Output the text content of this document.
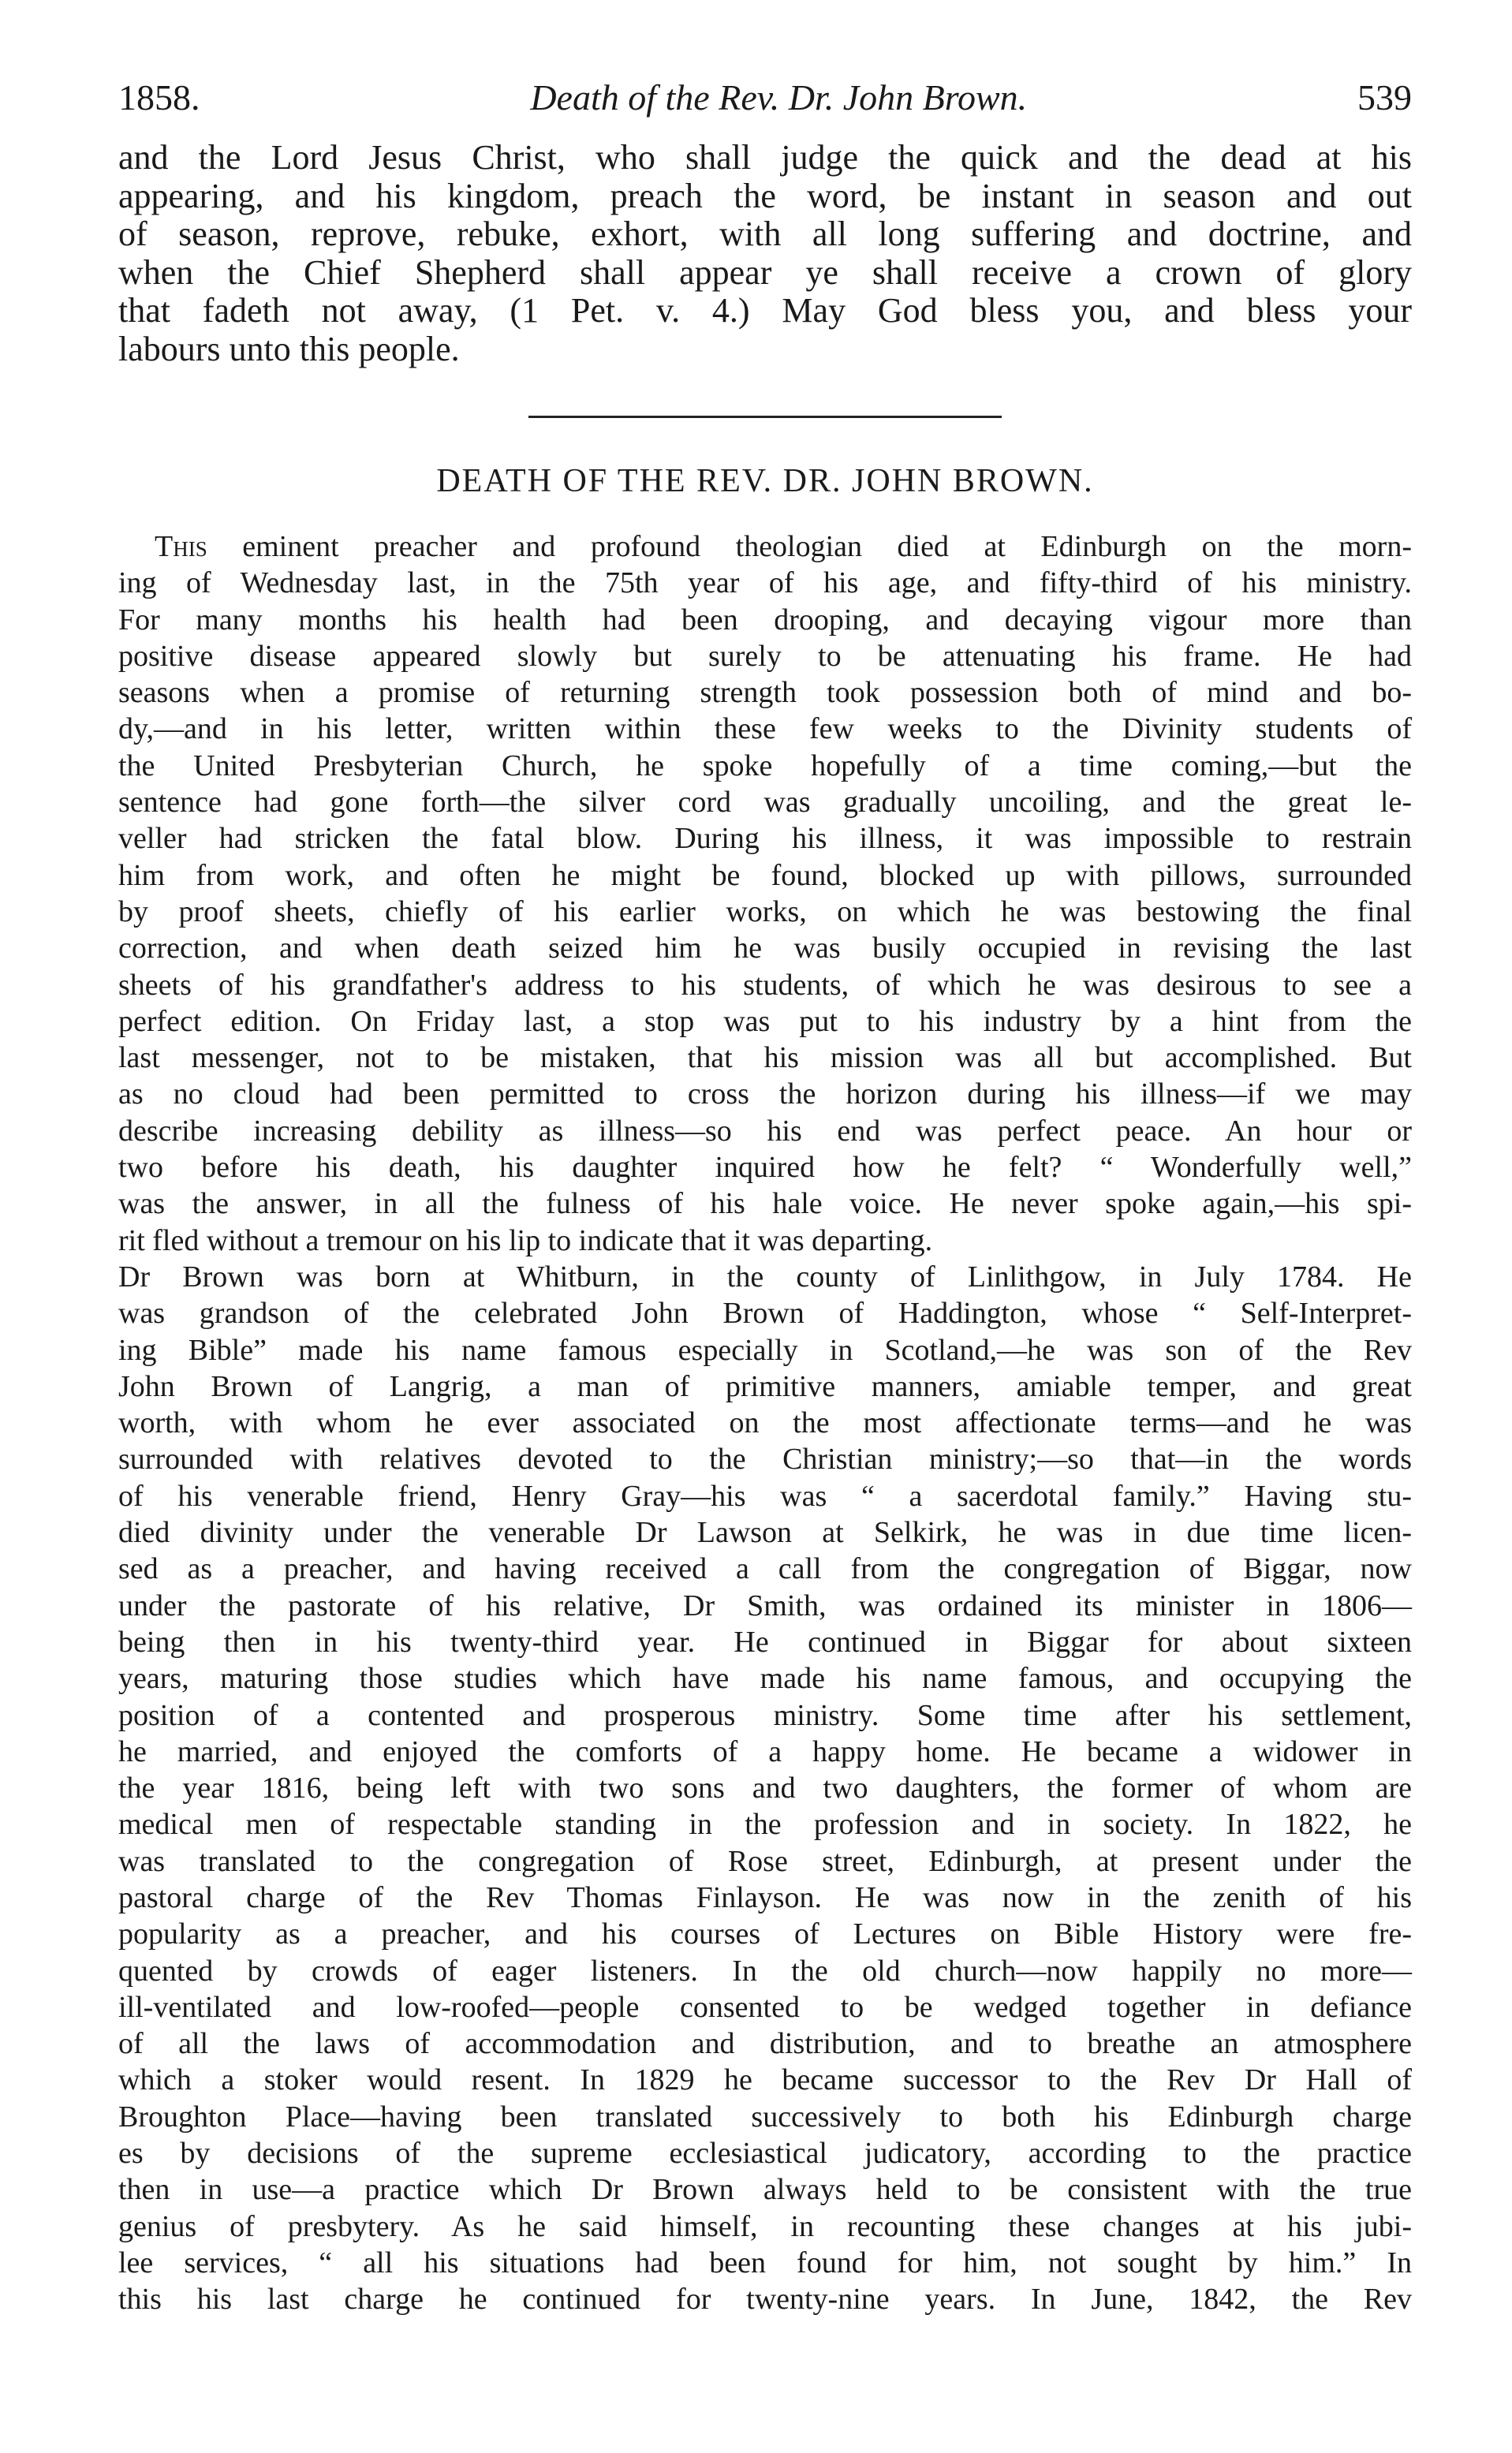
1858.	Death of the Rev. Dr. John Brown.	539
and the Lord Jesus Christ, who shall judge the quick and the dead at his
appearing, and his kingdom, preach the word, be instant in season and out
of season, reprove, rebuke, exhort, with all long suffering and doctrine, and
when the Chief Shepherd shall appear ye shall receive a crown of glory
that fadeth not away, (1 Pet. v. 4.) May God bless you, and bless your
labours unto this people.
DEATH OF THE REV. DR. JOHN BROWN.
This eminent preacher and profound theologian died at Edinburgh on the morn-
ing of Wednesday last, in the 75th year of his age, and fifty-third of his ministry.
For many months his health had been drooping, and decaying vigour more than
positive disease appeared slowly but surely to be attenuating his frame. He had
seasons when a promise of returning strength took possession both of mind and bo-
dy,—and in his letter, written within these few weeks to the Divinity students of
the United Presbyterian Church, he spoke hopefully of a time coming,—but the
sentence had gone forth—the silver cord was gradually uncoiling, and the great le-
veller had stricken the fatal blow. During his illness, it was impossible to restrain
him from work, and often he might be found, blocked up with pillows, surrounded
by proof sheets, chiefly of his earlier works, on which he was bestowing the final
correction, and when death seized him he was busily occupied in revising the last
sheets of his grandfather's address to his students, of which he was desirous to see a
perfect edition. On Friday last, a stop was put to his industry by a hint from the
last messenger, not to be mistaken, that his mission was all but accomplished. But
as no cloud had been permitted to cross the horizon during his illness—if we may
describe increasing debility as illness—so his end was perfect peace. An hour or
two before his death, his daughter inquired how he felt? “ Wonderfully well,”
was the answer, in all the fulness of his hale voice. He never spoke again,—his spi-
rit fled without a tremour on his lip to indicate that it was departing.
Dr Brown was born at Whitburn, in the county of Linlithgow, in July 1784. He
was grandson of the celebrated John Brown of Haddington, whose “ Self-Interpret-
ing Bible” made his name famous especially in Scotland,—he was son of the Rev
John Brown of Langrig, a man of primitive manners, amiable temper, and great
worth, with whom he ever associated on the most affectionate terms—and he was
surrounded with relatives devoted to the Christian ministry;—so that—in the words
of his venerable friend, Henry Gray—his was “ a sacerdotal family.” Having stu-
died divinity under the venerable Dr Lawson at Selkirk, he was in due time licen-
sed as a preacher, and having received a call from the congregation of Biggar, now
under the pastorate of his relative, Dr Smith, was ordained its minister in 1806—
being then in his twenty-third year. He continued in Biggar for about sixteen
years, maturing those studies which have made his name famous, and occupying the
position of a contented and prosperous ministry. Some time after his settlement,
he married, and enjoyed the comforts of a happy home. He became a widower in
the year 1816, being left with two sons and two daughters, the former of whom are
medical men of respectable standing in the profession and in society. In 1822, he
was translated to the congregation of Rose street, Edinburgh, at present under the
pastoral charge of the Rev Thomas Finlayson. He was now in the zenith of his
popularity as a preacher, and his courses of Lectures on Bible History were fre-
quented by crowds of eager listeners. In the old church—now happily no more—
ill-ventilated and low-roofed—people consented to be wedged together in defiance
of all the laws of accommodation and distribution, and to breathe an atmosphere
which a stoker would resent. In 1829 he became successor to the Rev Dr Hall of
Broughton Place—having been translated successively to both his Edinburgh charge
es by decisions of the supreme ecclesiastical judicatory, according to the practice
then in use—a practice which Dr Brown always held to be consistent with the true
genius of presbytery. As he said himself, in recounting these changes at his jubi-
lee services, “ all his situations had been found for him, not sought by him.” In
this his last charge he continued for twenty-nine years. In June, 1842, the Rev
